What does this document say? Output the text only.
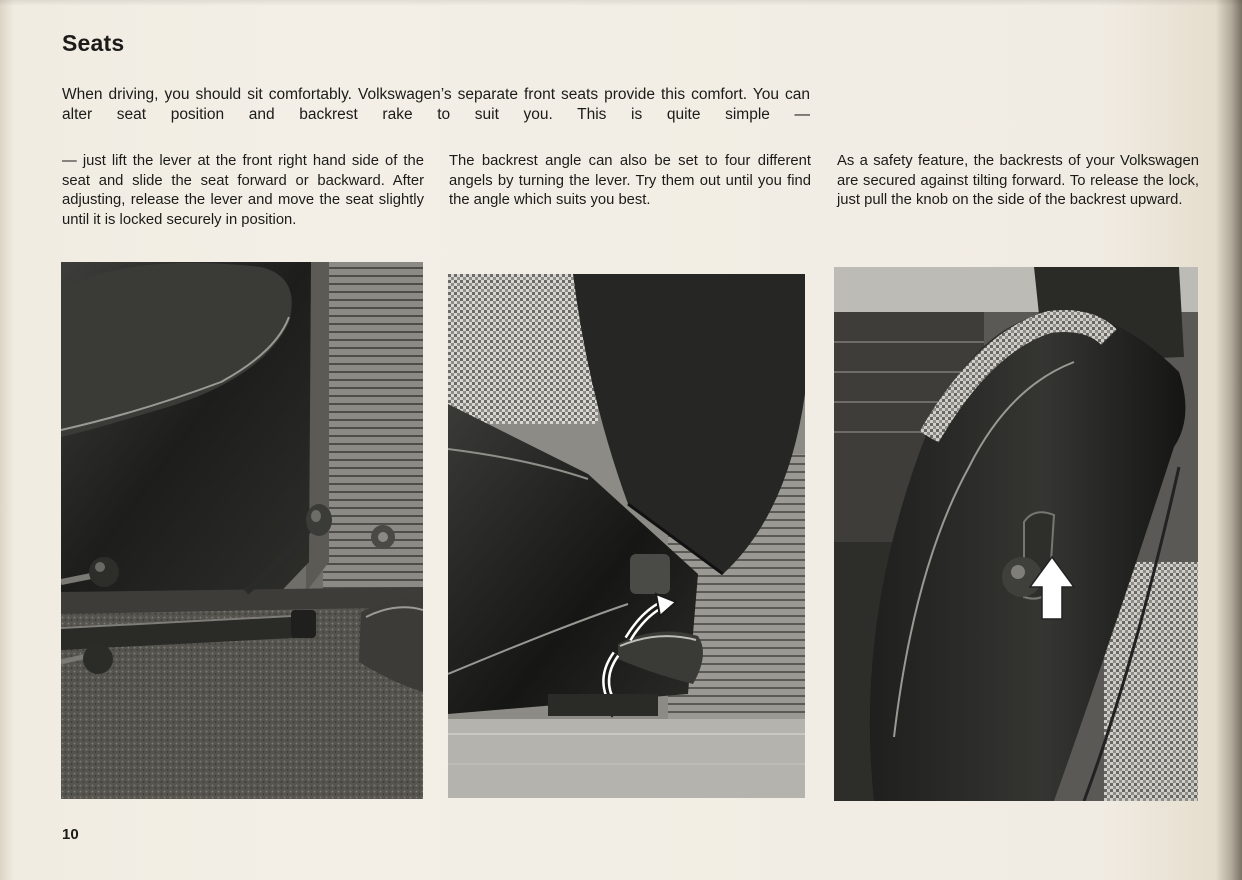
Seats
When driving, you should sit comfortably. Volkswagen’s separate front seats provide this comfort. You can alter seat position and backrest rake to suit you. This is quite simple —
— just lift the lever at the front right hand side of the seat and slide the seat forward or backward. After adjusting, release the lever and move the seat slightly until it is locked securely in position.
The backrest angle can also be set to four different angels by turning the lever. Try them out until you find the angle which suits you best.
As a safety feature, the backrests of your Volkswagen are secured against tilting forward. To release the lock, just pull the knob on the side of the backrest upward.
10
